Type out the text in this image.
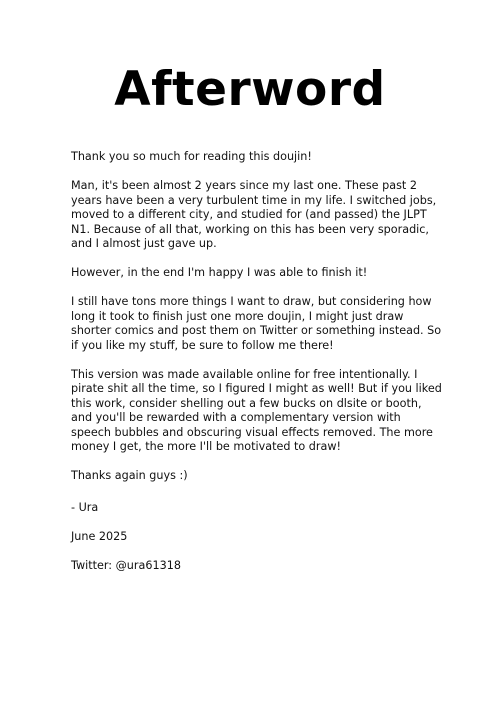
Afterword

Thank you so much for reading this doujin!

Man, it's been almost 2 years since my last one. These past 2 years have been a very turbulent time in my life. I switched jobs, moved to a different city, and studied for (and passed) the JLPT N1. Because of all that, working on this has been very sporadic, and I almost just gave up.

However, in the end I'm happy I was able to finish it!

I still have tons more things I want to draw, but considering how long it took to finish just one more doujin, I might just draw shorter comics and post them on Twitter or something instead. So if you like my stuff, be sure to follow me there!

This version was made available online for free intentionally. I pirate shit all the time, so I figured I might as well! But if you liked this work, consider shelling out a few bucks on dlsite or booth, and you'll be rewarded with a complementary version with speech bubbles and obscuring visual effects removed. The more money I get, the more I'll be motivated to draw!

Thanks again guys :)

- Ura

June 2025

Twitter: @ura61318
